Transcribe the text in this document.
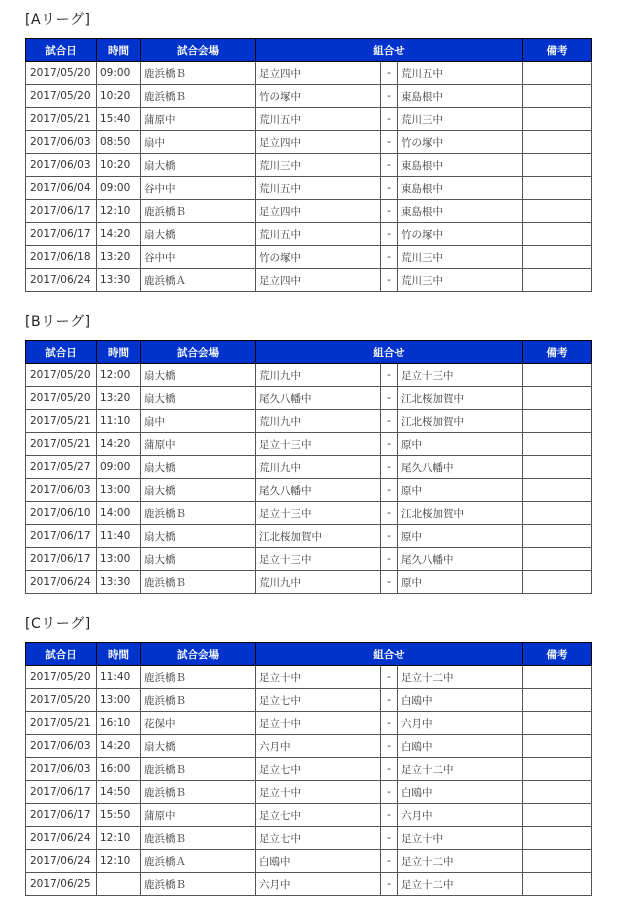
[Aリーグ]
試合日	時間	試合会場	組合せ			備考
2017/05/20	09:00	鹿浜橋Ｂ	足立四中	-	荒川五中	
2017/05/20	10:20	鹿浜橋Ｂ	竹の塚中	-	東島根中	
2017/05/21	15:40	蒲原中	荒川五中	-	荒川三中	
2017/06/03	08:50	扇中	足立四中	-	竹の塚中	
2017/06/03	10:20	扇大橋	荒川三中	-	東島根中	
2017/06/04	09:00	谷中中	荒川五中	-	東島根中	
2017/06/17	12:10	鹿浜橋Ｂ	足立四中	-	東島根中	
2017/06/17	14:20	扇大橋	荒川五中	-	竹の塚中	
2017/06/18	13:20	谷中中	竹の塚中	-	荒川三中	
2017/06/24	13:30	鹿浜橋Ａ	足立四中	-	荒川三中	
[Bリーグ]
試合日	時間	試合会場	組合せ			備考
2017/05/20	12:00	扇大橋	荒川九中	-	足立十三中	
2017/05/20	13:20	扇大橋	尾久八幡中	-	江北桜加賀中	
2017/05/21	11:10	扇中	荒川九中	-	江北桜加賀中	
2017/05/21	14:20	蒲原中	足立十三中	-	原中	
2017/05/27	09:00	扇大橋	荒川九中	-	尾久八幡中	
2017/06/03	13:00	扇大橋	尾久八幡中	-	原中	
2017/06/10	14:00	鹿浜橋Ｂ	足立十三中	-	江北桜加賀中	
2017/06/17	11:40	扇大橋	江北桜加賀中	-	原中	
2017/06/17	13:00	扇大橋	足立十三中	-	尾久八幡中	
2017/06/24	13:30	鹿浜橋Ｂ	荒川九中	-	原中	
[Cリーグ]
試合日	時間	試合会場	組合せ			備考
2017/05/20	11:40	鹿浜橋Ｂ	足立十中	-	足立十二中	
2017/05/20	13:00	鹿浜橋Ｂ	足立七中	-	白鴎中	
2017/05/21	16:10	花保中	足立十中	-	六月中	
2017/06/03	14:20	扇大橋	六月中	-	白鴎中	
2017/06/03	16:00	鹿浜橋Ｂ	足立七中	-	足立十二中	
2017/06/17	14:50	鹿浜橋Ｂ	足立十中	-	白鴎中	
2017/06/17	15:50	蒲原中	足立七中	-	六月中	
2017/06/24	12:10	鹿浜橋Ｂ	足立七中	-	足立十中	
2017/06/24	12:10	鹿浜橋Ａ	白鴎中	-	足立十二中	
2017/06/25		鹿浜橋Ｂ	六月中	-	足立十二中	
